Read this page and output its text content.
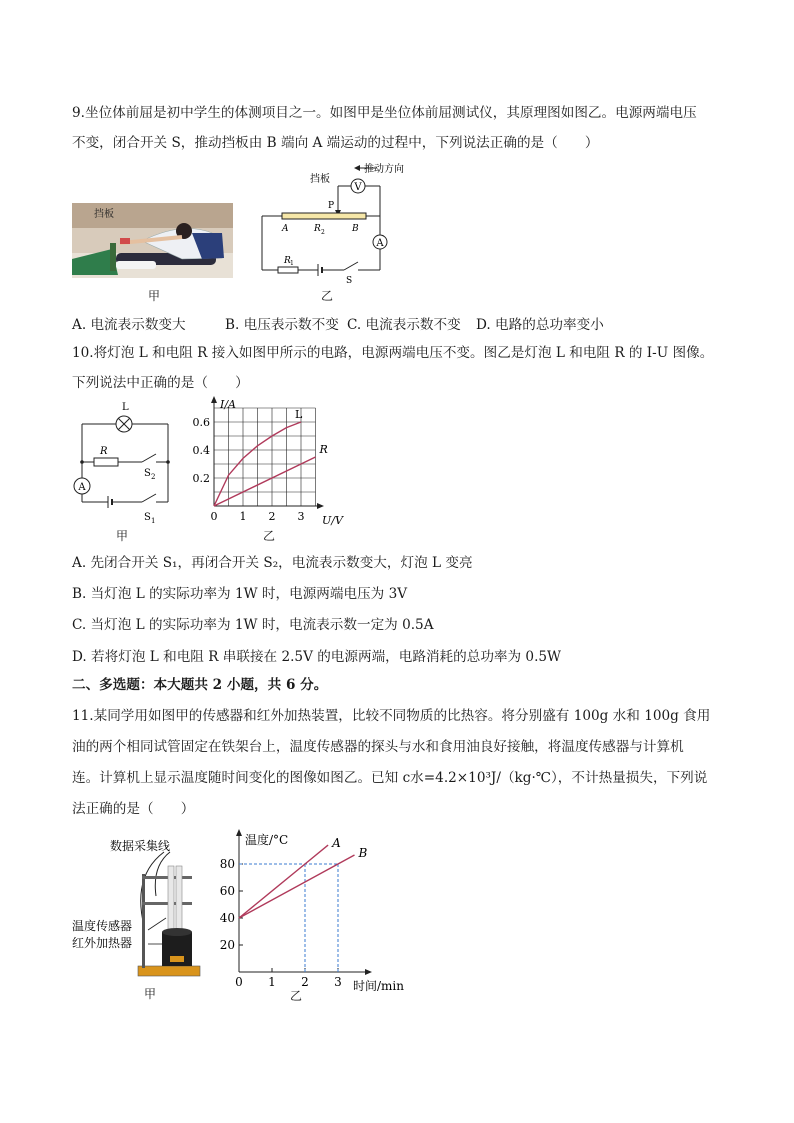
9.坐位体前屈是初中学生的体测项目之一。如图甲是坐位体前屈测试仪，其原理图如图乙。电源两端电压
不变，闭合开关 S，推动挡板由 B 端向 A 端运动的过程中，下列说法正确的是（　　）
挡板
甲
V
推动方向
挡板
P
A	R 2	B
A
R 1
S
乙
A. 电流表示数变大	B. 电压表示数不变 C. 电流表示数不变 D. 电路的总功率变小
10.将灯泡 L 和电阻 R 接入如图甲所示的电路，电源两端电压不变。图乙是灯泡 L 和电阻 R 的 I-U 图像。
下列说法中正确的是（　　）
L
A
R
S 2
S 1
甲
I/A
U/V
0 1 2 3
0.2
0.4
0.6
L
R
乙
A. 先闭合开关 S₁，再闭合开关 S₂，电流表示数变大，灯泡 L 变亮
B. 当灯泡 L 的实际功率为 1W 时，电源两端电压为 3V
C. 当灯泡 L 的实际功率为 1W 时，电流表示数一定为 0.5A
D. 若将灯泡 L 和电阻 R 串联接在 2.5V 的电源两端，电路消耗的总功率为 0.5W
二、多选题：本大题共 2 小题，共 6 分。
11.某同学用如图甲的传感器和红外加热装置，比较不同物质的比热容。将分别盛有 100g 水和 100g 食用
油的两个相同试管固定在铁架台上，温度传感器的探头与水和食用油良好接触，将温度传感器与计算机
连。计算机上显示温度随时间变化的图像如图乙。已知 c水=4.2×10³J/（kg·℃），不计热量损失，下列说
法正确的是（　　）
数据采集线
温度传感器
红外加热器
甲
温度/°C
时间/min
0 1 2 3
20
40
60
80
A
B
乙
